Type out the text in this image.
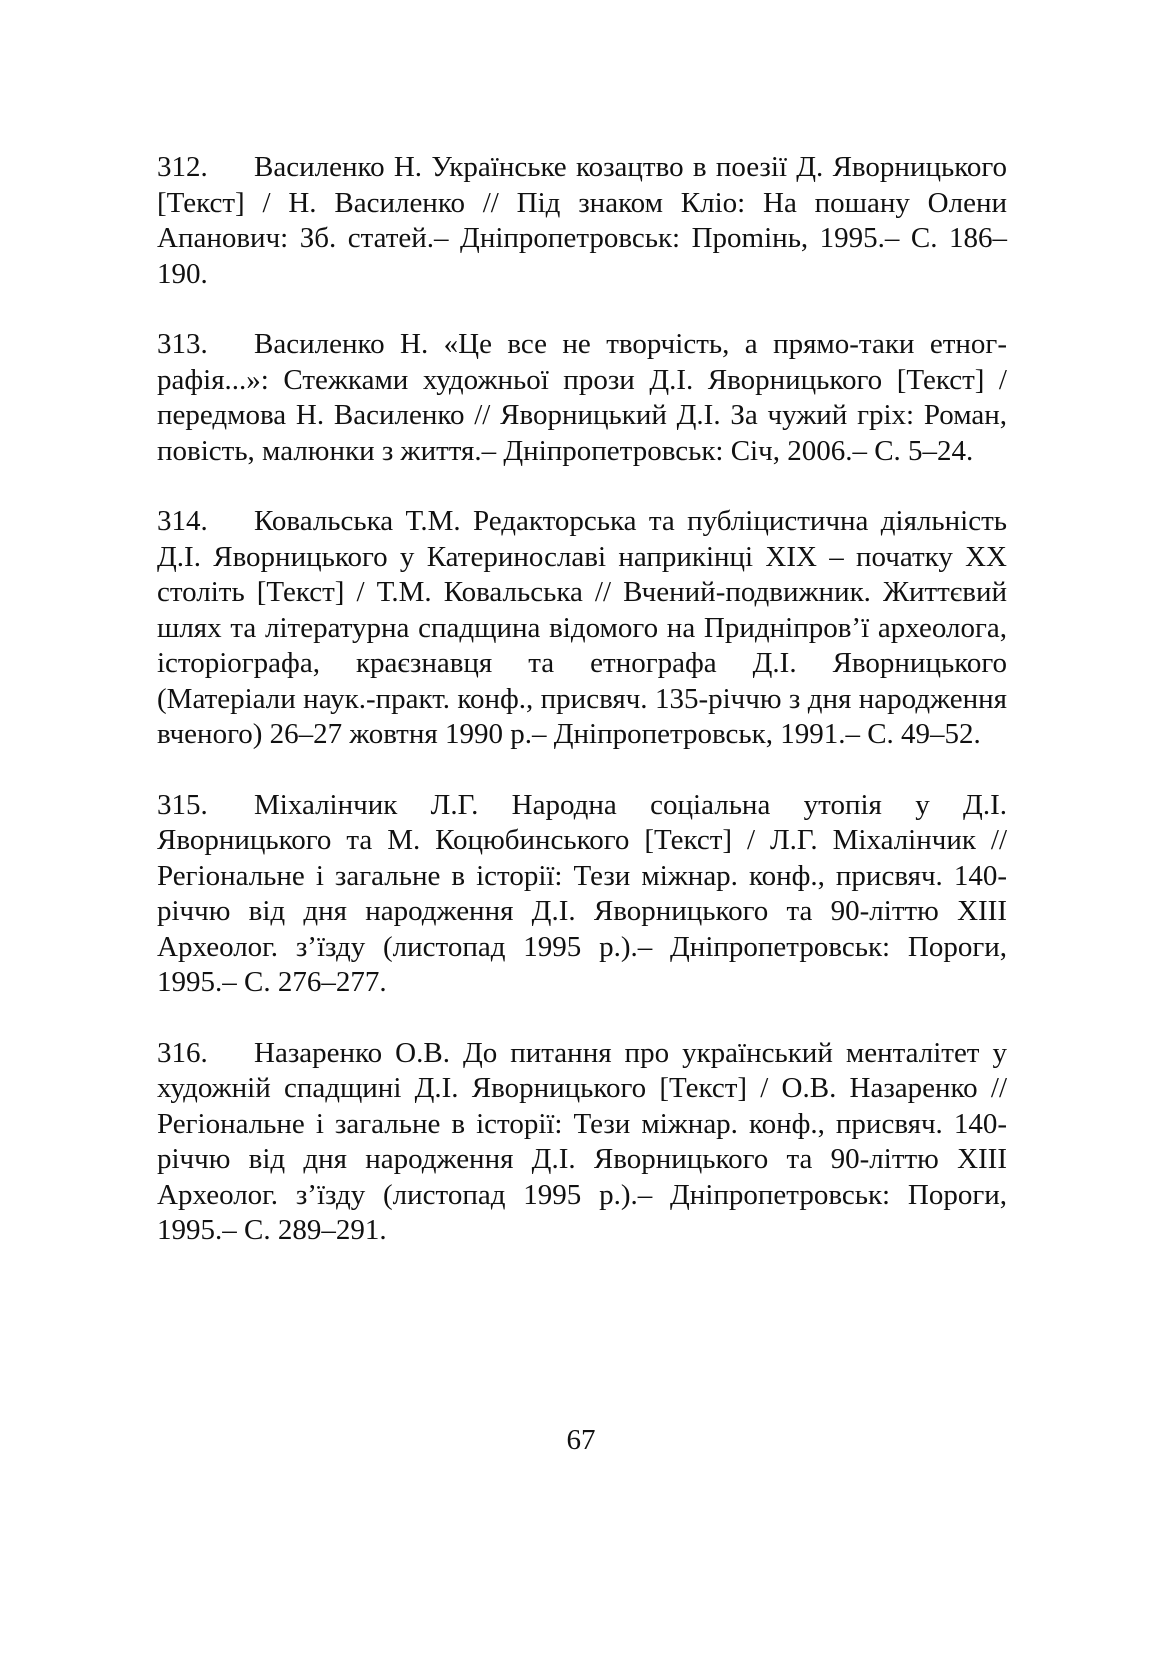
312. Василенко Н. Українське козацтво в поезії Д. Яворницького [Текст] / Н. Василенко // Під знаком Кліо: На пошану Олени Апанович: Зб. статей.– Дніпропетровськ: Проmінь, 1995.– С. 186–190.

313. Василенко Н. «Це все не творчість, а прямо-таки етнографія...»: Стежками художньої прози Д.І. Яворницького [Текст] / передмова Н. Василенко // Яворницький Д.І. За чужий гріх: Роман, повість, малюнки з життя.– Дніпропетровськ: Січ, 2006.– С. 5–24.

314. Ковальська Т.М. Редакторська та публіцистична діяльність Д.І. Яворницького у Катеринославі наприкінці ХІХ – початку ХХ століть [Текст] / Т.М. Ковальська // Вчений-подвижник. Життєвий шлях та літературна спадщина відомого на Придніпров’ї археолога, історіографа, краєзнавця та етнографа Д.І. Яворницького (Матеріали наук.-практ. конф., присвяч. 135-річчю з дня народження вченого) 26–27 жовтня 1990 р.– Дніпропетровськ, 1991.– С. 49–52.

315. Міхалінчик Л.Г. Народна соціальна утопія у Д.І. Яворницького та М. Коцюбинського [Текст] / Л.Г. Міхалінчик // Регіональне і загальне в історії: Тези міжнар. конф., присвяч. 140-річчю від дня народження Д.І. Яворницького та 90-літтю ХІІІ Археолог. з’їзду (листопад 1995 р.).– Дніпропетровськ: Пороги, 1995.– С. 276–277.

316. Назаренко О.В. До питання про український менталітет у художній спадщині Д.І. Яворницького [Текст] / О.В. Назаренко // Регіональне і загальне в історії: Тези міжнар. конф., присвяч. 140-річчю від дня народження Д.І. Яворницького та 90-літтю ХІІІ Археолог. з’їзду (листопад 1995 р.).– Дніпропетровськ: Пороги, 1995.– С. 289–291.

67
